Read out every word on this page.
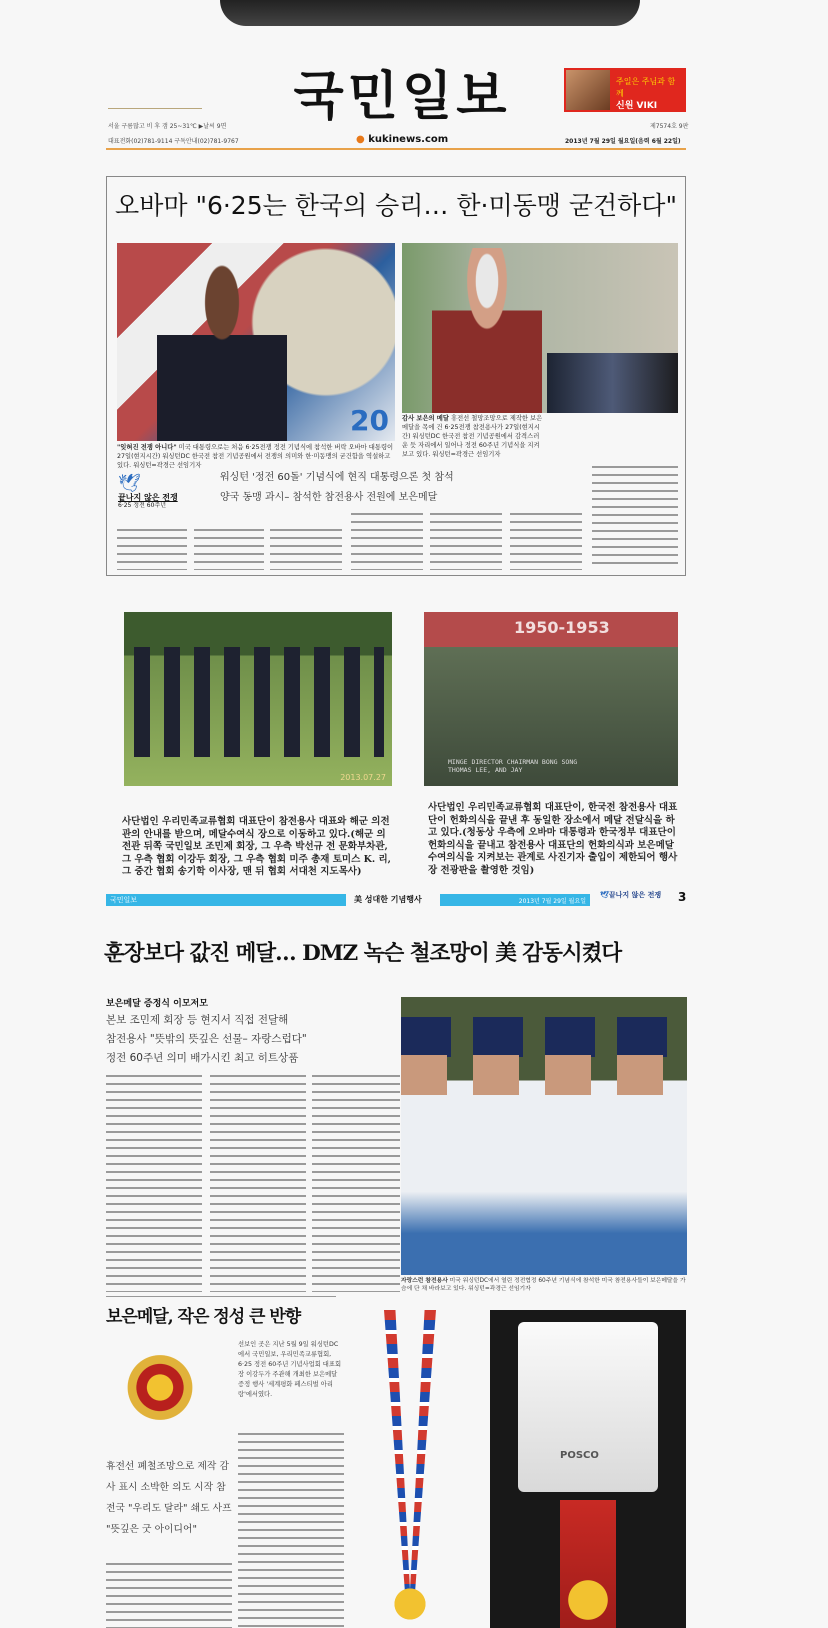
국민일보	주일은 주님과 함께
신원 VIKI
서울 구름많고 비 후 갬 25~31℃ ▶날씨 9면	제7574호 9판
대표전화(02)781-9114 구독안내(02)781-9767	● kukinews.com	2013년 7월 29일 월요일(음력 6월 22일)
오바마 "6·25는 한국의 승리… 한·미동맹 굳건하다"
20
"잊혀진 전쟁 아니다" 미국 대통령으로는 처음 6·25전쟁 정전 기념식에 참석한 버락 오바마 대통령이 27일(현지시간) 워싱턴DC 한국전 참전 기념공원에서 전쟁의 의미와 한·미동맹의 굳건함을 역설하고 있다. 워싱턴=곽경근 선임기자
감사 보은의 메달 휴전선 철망조망으로 제작한 보은메달을 목에 건 6·25전쟁 참전용사가 27일(현지시간) 워싱턴DC 한국전 참전 기념공원에서 감격스러운 듯 자리에서 일어나 정전 60주년 기념식을 지켜보고 있다. 워싱턴=곽경근 선임기자
🕊
끝나지 않은 전쟁
6·25 정전 60주년
워싱턴 '정전 60돌' 기념식에 현직 대통령으론 첫 참석
양국 동맹 과시– 참석한 참전용사 전원에 보은메달
2013.07.27
1950-1953
MINGE DIRECTOR CHAIRMAN BONG SONG THOMAS LEE, AND JAY
사단법인 우리민족교류협회 대표단이 참전용사 대표와 해군 의전관의 안내를 받으며, 메달수여식 장으로 이동하고 있다.(해군 의전관 뒤쪽 국민일보 조민제 회장, 그 우측 박선규 전 문화부차관, 그 우측 협회 이강두 회장, 그 우측 협회 미주 총재 토미스 K. 리, 그 중간 협회 송기학 이사장, 맨 뒤 협회 서대천 지도목사)
사단법인 우리민족교류협회 대표단이, 한국전 참전용사 대표단이 헌화의식을 끝낸 후 동일한 장소에서 메달 전달식을 하고 있다.(청동상 우측에 오바마 대통령과 한국정부 대표단이 헌화의식을 끝내고 참전용사 대표단의 헌화의식과 보은메달 수여의식을 지켜보는 관계로 사진기자 출입이 제한되어 행사장 전광판을 촬영한 것임)
국민일보	美 성대한 기념행사	2013년 7월 29일 월요일
🕊끝나지 않은 전쟁 3
훈장보다 값진 메달… DMZ 녹슨 철조망이 美 감동시켰다
보은메달 증정식 이모저모
본보 조민제 회장 등 현지서 직접 전달해
참전용사 "뜻밖의 뜻깊은 선물– 자랑스럽다"
정전 60주년 의미 배가시킨 최고 히트상품
자랑스런 참전용사 미국 워싱턴DC에서 열린 정전협정 60주년 기념식에 참석한 미국 참전용사들이 보은메달을 가슴에 단 채 바라보고 있다. 워싱턴=곽경근 선임기자
보은메달, 작은 정성 큰 반향
휴전선 폐철조망으로 제작 감사 표시 소박한 의도 시작 참전국 "우리도 달라" 쇄도 사프 "뜻깊은 굿 아이디어"
선보인 곳은 지난 5월 9일 워싱턴DC에서 국민일보, 우리민족교류협회, 6·25 정전 60주년 기념사업회 대표회장 이강두가 주관해 개최한 보은메달 증정 행사 '세계평화 페스티벌 아리랑'에서였다.
POSCO
